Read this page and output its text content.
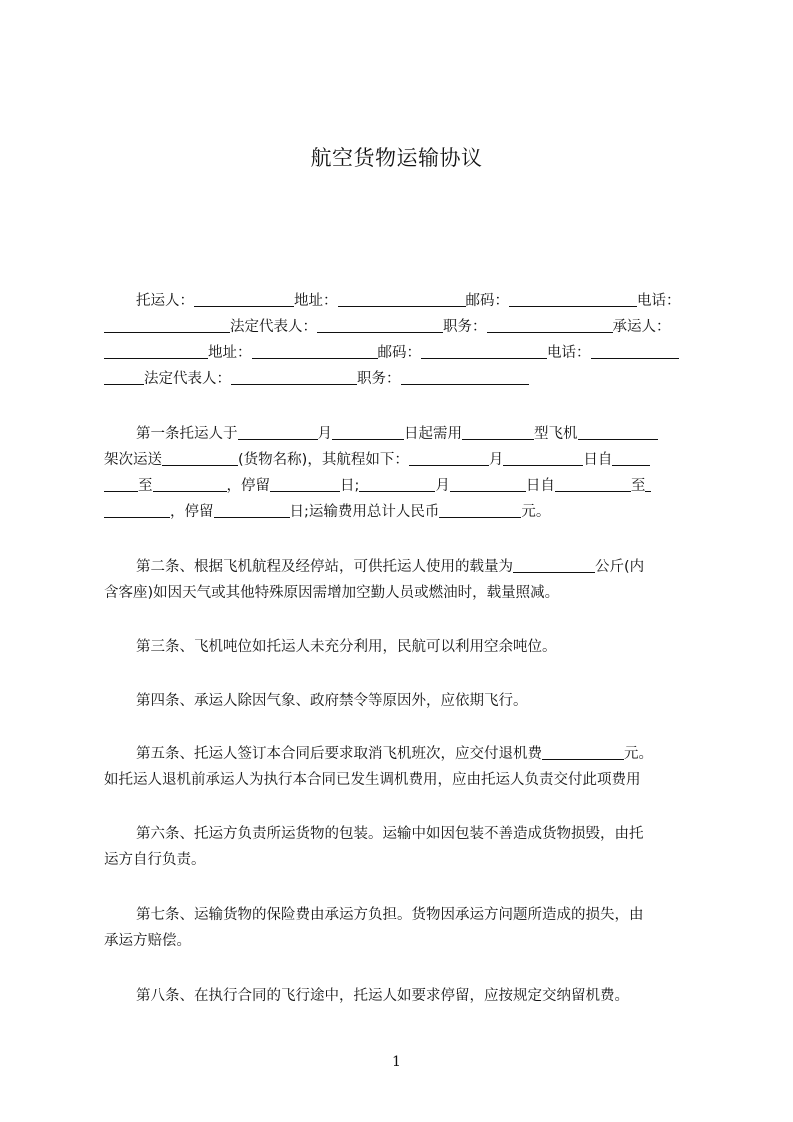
航空货物运输协议
托运人：	地址：	邮码：	电话：
法定代表人：	职务：	承运人：
地址：	邮码：	电话：
法定代表人：	职务：
第一条托运人于	月	日起需用	型飞机
架次运送	(货物名称)，其航程如下：	月	日自
至	，停留	日;	月	日自	至
，停留	日;运输费用总计人民币	元。
第二条、根据飞机航程及经停站，可供托运人使用的载量为	公斤(内
含客座)如因天气或其他特殊原因需增加空勤人员或燃油时，载量照减。
第三条、飞机吨位如托运人未充分利用，民航可以利用空余吨位。
第四条、承运人除因气象、政府禁令等原因外，应依期飞行。
第五条、托运人签订本合同后要求取消飞机班次，应交付退机费	元。
如托运人退机前承运人为执行本合同已发生调机费用，应由托运人负责交付此项费用
第六条、托运方负责所运货物的包装。运输中如因包装不善造成货物损毁，由托
运方自行负责。
第七条、运输货物的保险费由承运方负担。货物因承运方问题所造成的损失，由
承运方赔偿。
第八条、在执行合同的飞行途中，托运人如要求停留，应按规定交纳留机费。
1
